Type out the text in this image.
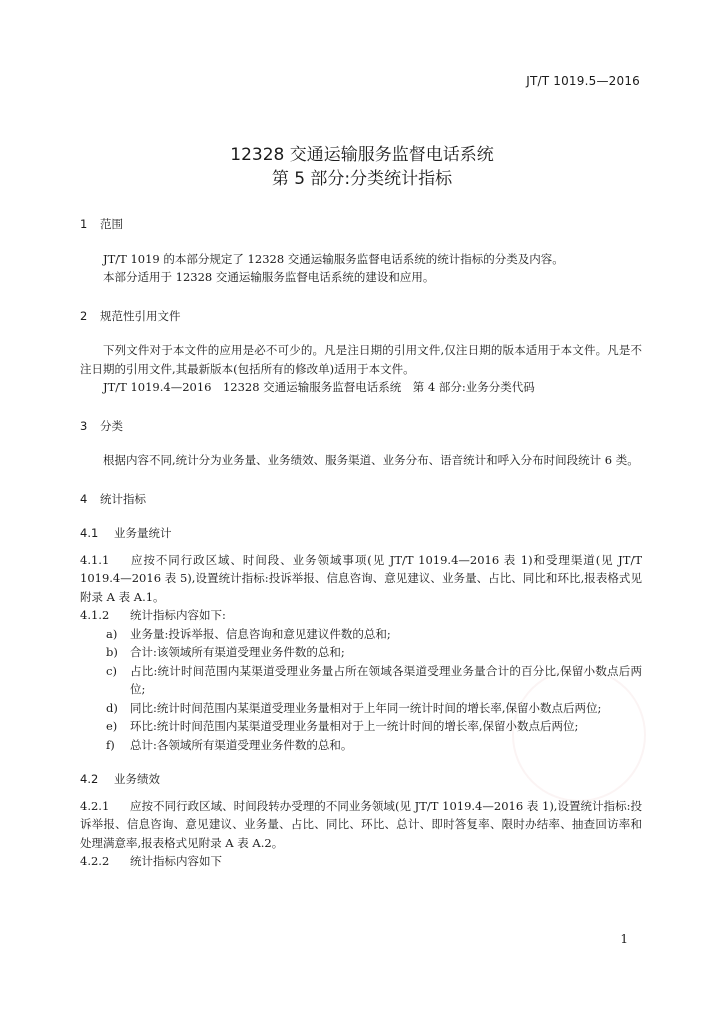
JT/T 1019.5—2016
12328 交通运输服务监督电话系统
第 5 部分:分类统计指标
1 范围

JT/T 1019 的本部分规定了 12328 交通运输服务监督电话系统的统计指标的分类及内容。

本部分适用于 12328 交通运输服务监督电话系统的建设和应用。

2 规范性引用文件

下列文件对于本文件的应用是必不可少的。凡是注日期的引用文件,仅注日期的版本适用于本文件。凡是不注日期的引用文件,其最新版本(包括所有的修改单)适用于本文件。

JT/T 1019.4—2016　12328 交通运输服务监督电话系统　第 4 部分:业务分类代码

3 分类

根据内容不同,统计分为业务量、业务绩效、服务渠道、业务分布、语音统计和呼入分布时间段统计 6 类。

4 统计指标
4.1 业务量统计

4.1.1 应按不同行政区域、时间段、业务领域事项(见 JT/T 1019.4—2016 表 1)和受理渠道(见 JT/T 1019.4—2016 表 5),设置统计指标:投诉举报、信息咨询、意见建议、业务量、占比、同比和环比,报表格式见附录 A 表 A.1。

4.1.2 统计指标内容如下:

a)	业务量:投诉举报、信息咨询和意见建议件数的总和;
b)	合计:该领域所有渠道受理业务件数的总和;
c)	占比:统计时间范围内某渠道受理业务量占所在领域各渠道受理业务量合计的百分比,保留小数点后两位;
d)	同比:统计时间范围内某渠道受理业务量相对于上年同一统计时间的增长率,保留小数点后两位;
e)	环比:统计时间范围内某渠道受理业务量相对于上一统计时间的增长率,保留小数点后两位;
f)	总计:各领域所有渠道受理业务件数的总和。
4.2 业务绩效

4.2.1 应按不同行政区域、时间段转办受理的不同业务领域(见 JT/T 1019.4—2016 表 1),设置统计指标:投诉举报、信息咨询、意见建议、业务量、占比、同比、环比、总计、即时答复率、限时办结率、抽查回访率和处理满意率,报表格式见附录 A 表 A.2。

4.2.2 统计指标内容如下

1
